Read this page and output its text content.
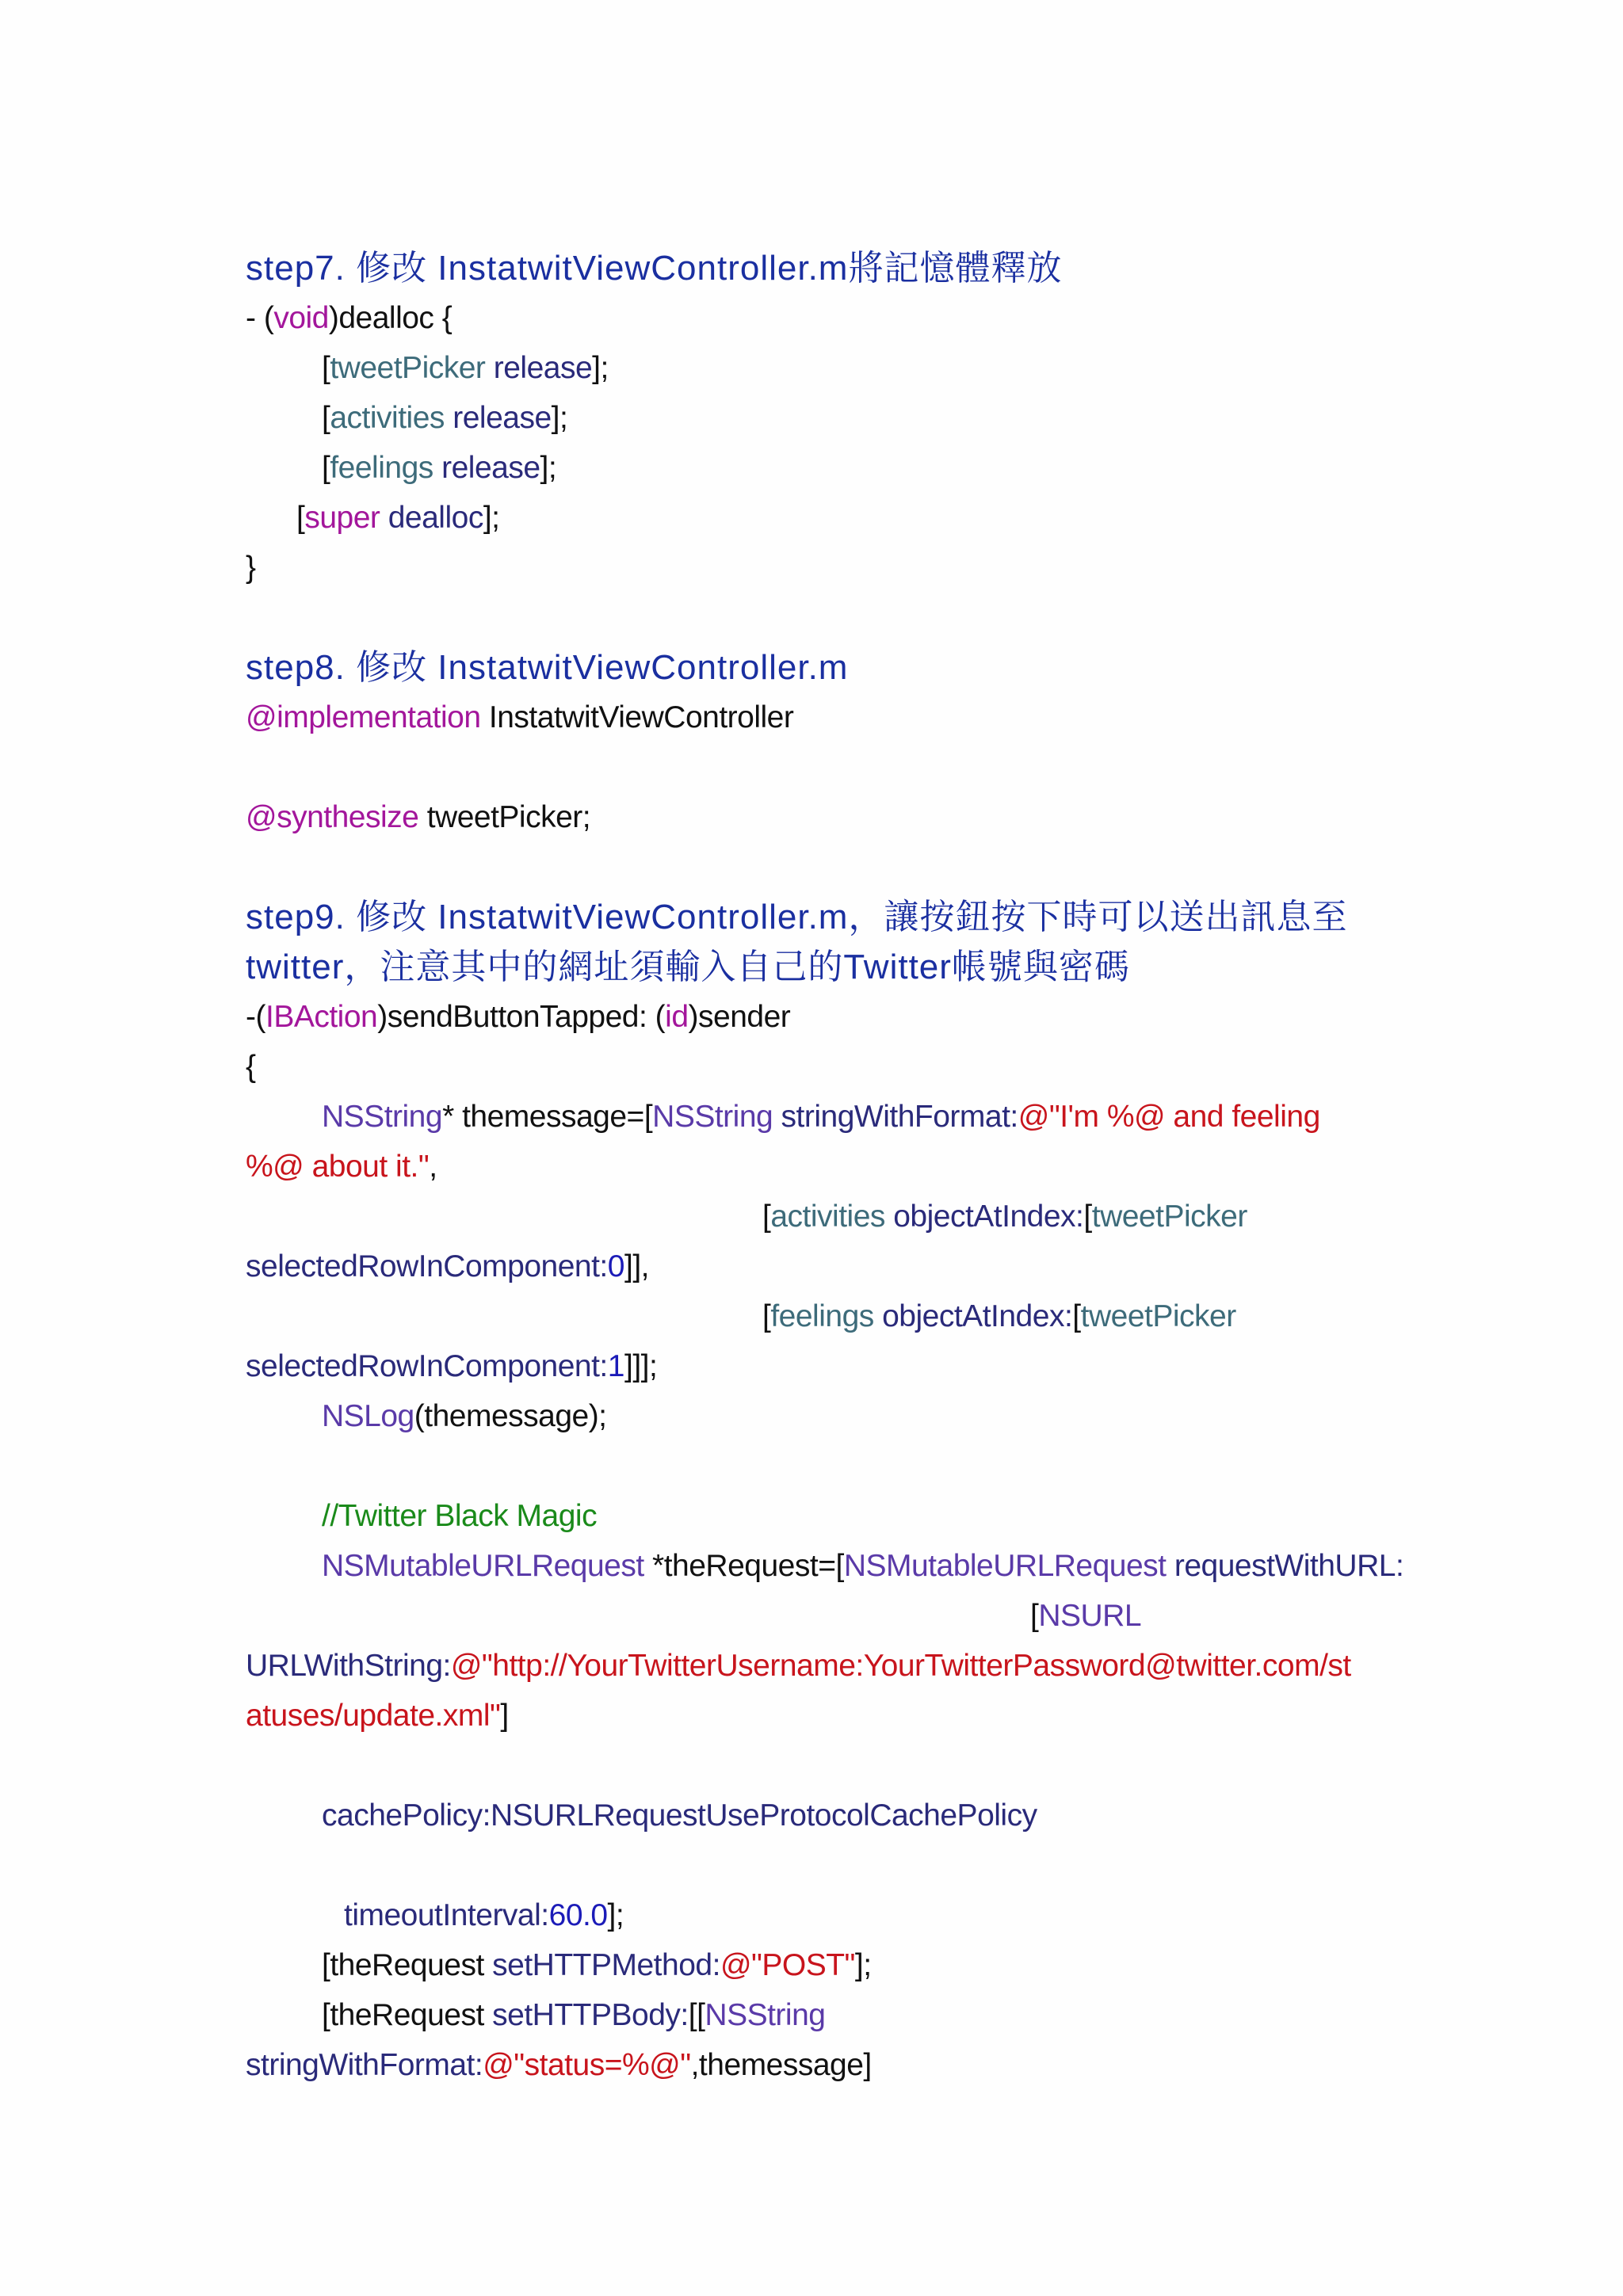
step7. 修改 InstatwitViewController.m將記憶體釋放
- (void)dealloc {
[tweetPicker release];
[activities release];
[feelings release];
[super dealloc];
}
step8. 修改 InstatwitViewController.m
@implementation InstatwitViewController
@synthesize tweetPicker;
step9. 修改 InstatwitViewController.m，讓按鈕按下時可以送出訊息至
twitter，注意其中的網址須輸入自己的Twitter帳號與密碼
-(IBAction)sendButtonTapped: (id)sender
{
NSString* themessage=[NSString stringWithFormat:@"I'm %@ and feeling
%@ about it.",
[activities objectAtIndex:[tweetPicker
selectedRowInComponent:0]],
[feelings objectAtIndex:[tweetPicker
selectedRowInComponent:1]]];
NSLog(themessage);
//Twitter Black Magic
NSMutableURLRequest *theRequest=[NSMutableURLRequest requestWithURL:
[NSURL
URLWithString:@"http://YourTwitterUsername:YourTwitterPassword@twitter.com/st
atuses/update.xml"]
cachePolicy:NSURLRequestUseProtocolCachePolicy
timeoutInterval:60.0];
[theRequest setHTTPMethod:@"POST"];
[theRequest setHTTPBody:[[NSString
stringWithFormat:@"status=%@",themessage]
